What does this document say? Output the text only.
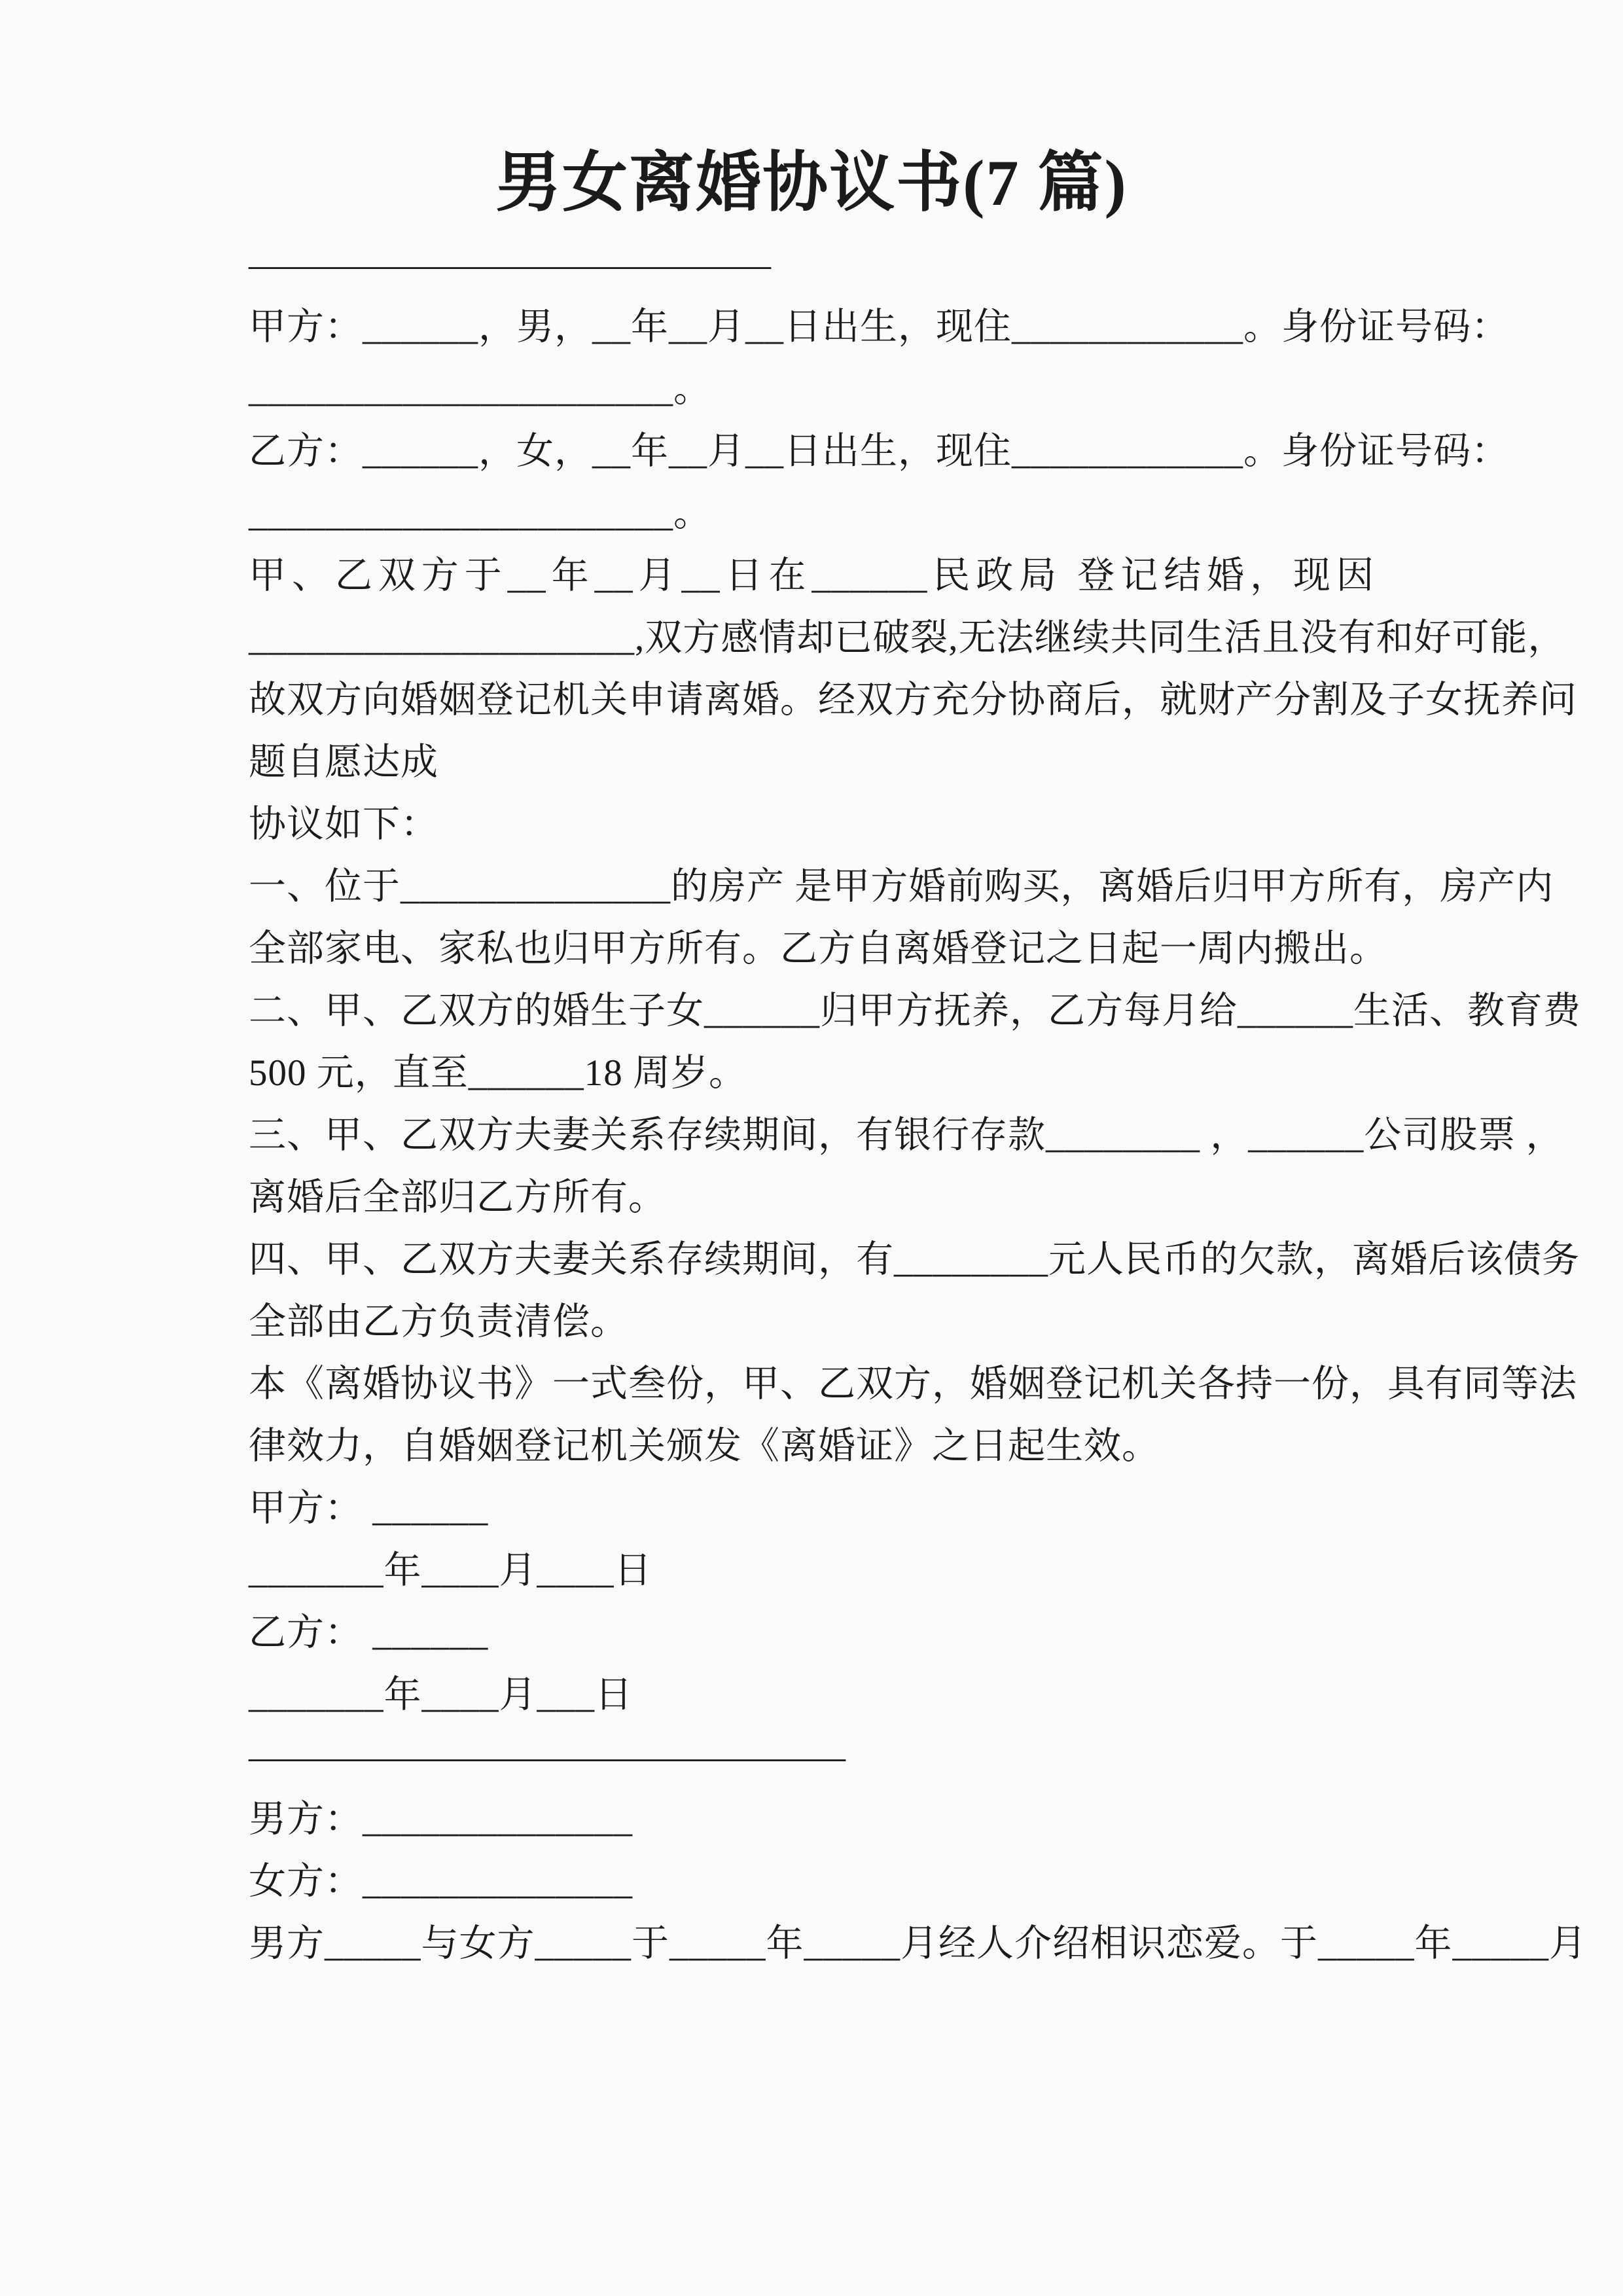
男女离婚协议书(7 篇)

——————————————

甲方：______，男，__年__月__日出生，现住____________。身份证号码：

______________________。

乙方：______，女，__年__月__日出生，现住____________。身份证号码：

______________________。

甲、乙双方于__年__月__日在______民政局 登记结婚，现因

____________________,双方感情却已破裂,无法继续共同生活且没有和好可能，

故双方向婚姻登记机关申请离婚。经双方充分协商后，就财产分割及子女抚养问

题自愿达成

协议如下：

一、位于______________的房产 是甲方婚前购买，离婚后归甲方所有，房产内

全部家电、家私也归甲方所有。乙方自离婚登记之日起一周内搬出。

二、甲、乙双方的婚生子女______归甲方抚养，乙方每月给______生活、教育费

500 元，直至______18 周岁。

三、甲、乙双方夫妻关系存续期间，有银行存款________ ，______公司股票 ，

离婚后全部归乙方所有。

四、甲、乙双方夫妻关系存续期间，有________元人民币的欠款，离婚后该债务

全部由乙方负责清偿。

本《离婚协议书》一式叁份，甲、乙双方，婚姻登记机关各持一份，具有同等法

律效力，自婚姻登记机关颁发《离婚证》之日起生效。

甲方： ______

_______年____月____日

乙方： ______

_______年____月___日

————————————————

男方：______________

女方：______________

男方_____与女方_____于_____年_____月经人介绍相识恋爱。于_____年_____月
